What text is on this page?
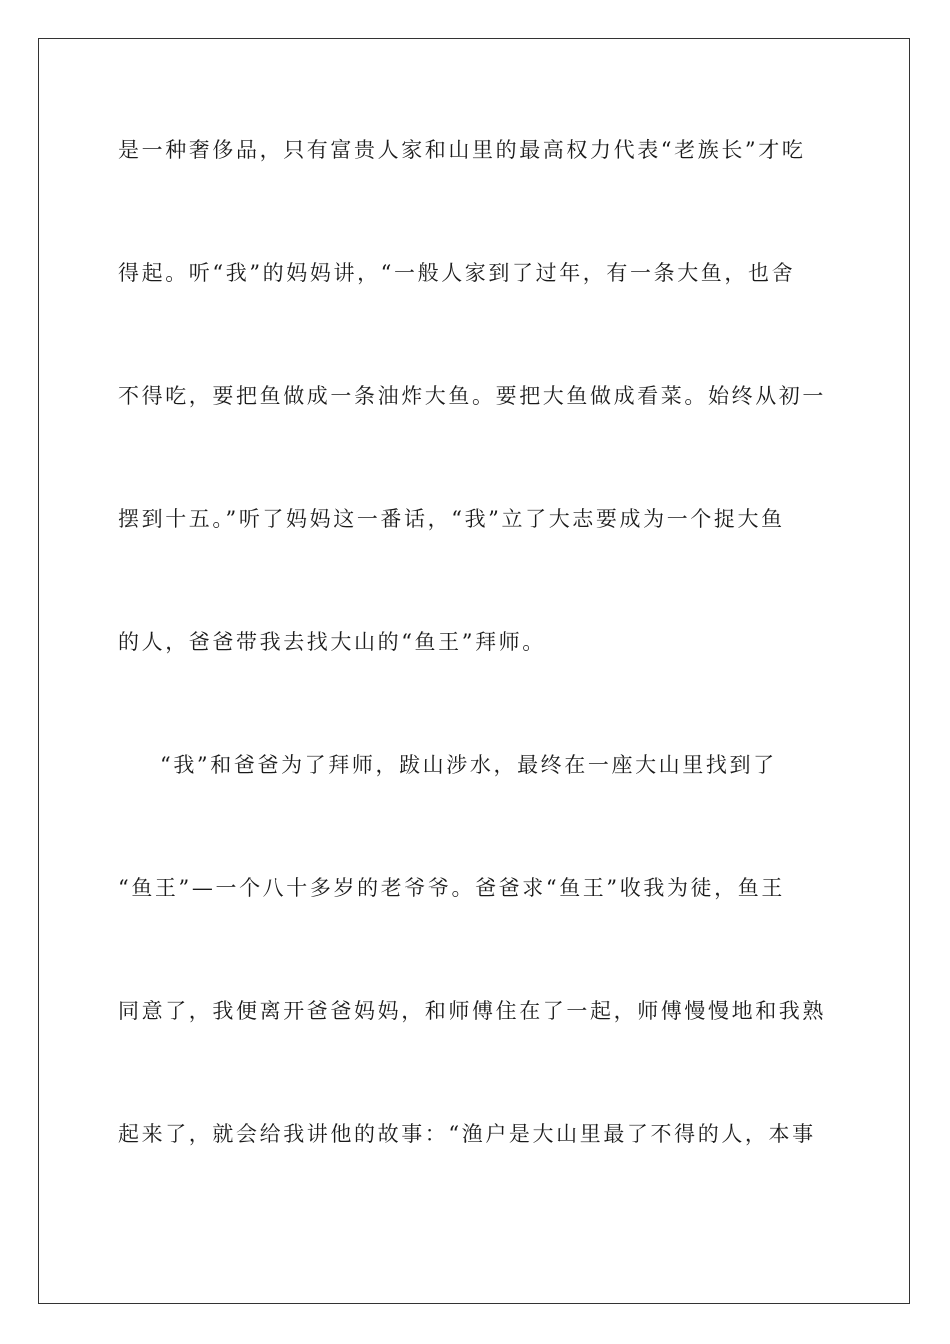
是一种奢侈品，只有富贵人家和山里的最高权力代表“老族长”才吃
得起。听“我”的妈妈讲，“一般人家到了过年，有一条大鱼，也舍
不得吃，要把鱼做成一条油炸大鱼。要把大鱼做成看菜。始终从初一
摆到十五。”听了妈妈这一番话，“我”立了大志要成为一个捉大鱼
的人，爸爸带我去找大山的“鱼王”拜师。
“我”和爸爸为了拜师，跋山涉水，最终在一座大山里找到了
“鱼王”—一个八十多岁的老爷爷。爸爸求“鱼王”收我为徒，鱼王
同意了，我便离开爸爸妈妈，和师傅住在了一起，师傅慢慢地和我熟
起来了，就会给我讲他的故事：“渔户是大山里最了不得的人，本事
